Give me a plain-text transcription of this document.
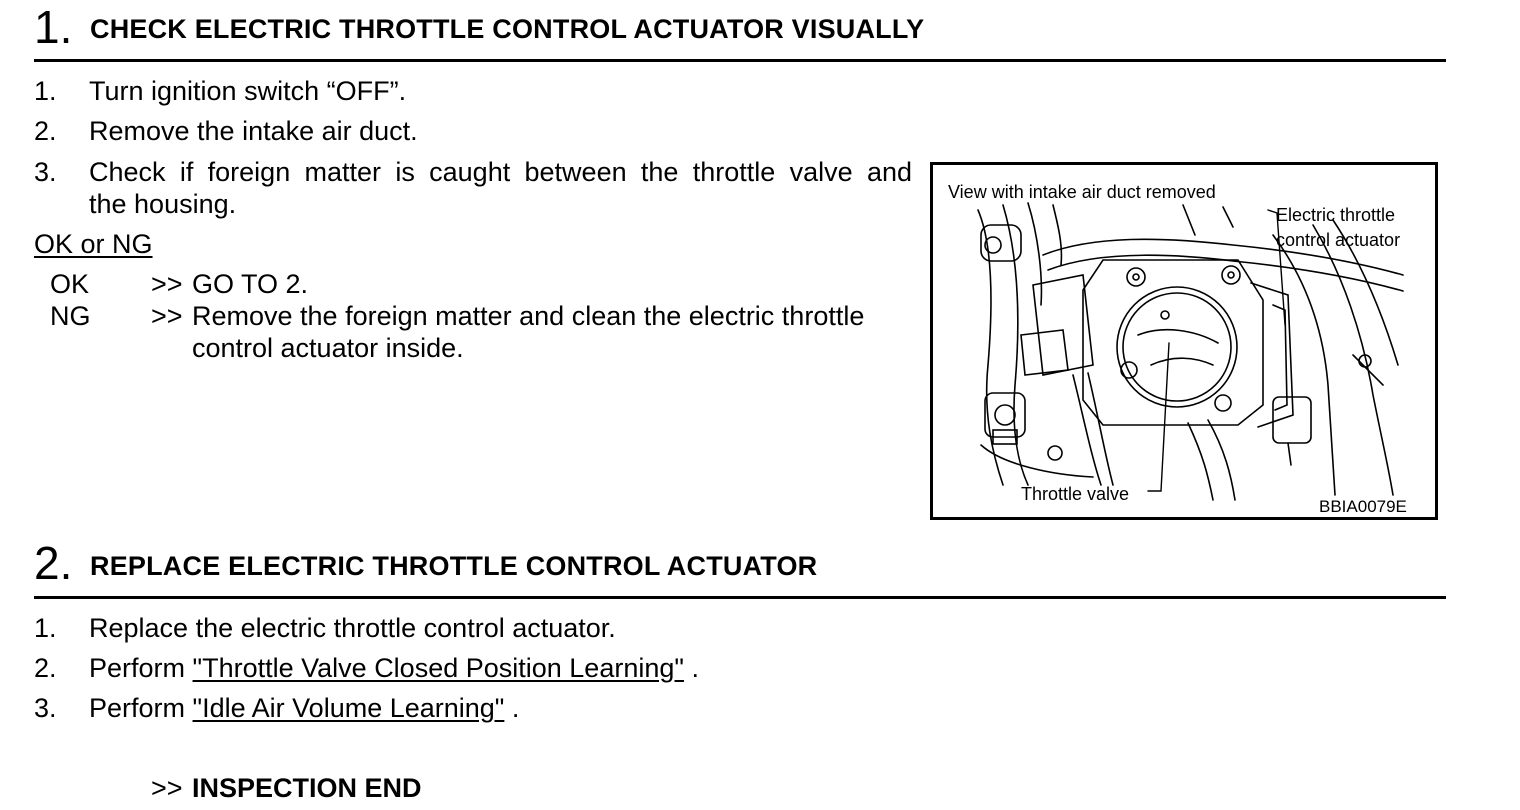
1. CHECK ELECTRIC THROTTLE CONTROL ACTUATOR VISUALLY
1. Turn ignition switch “OFF”.
2. Remove the intake air duct.
3. Check if foreign matter is caught between the throttle valve and
the housing.
OK or NG
OK >> GO TO 2.
NG >> Remove the foreign matter and clean the electric throttle
control actuator inside.
View with intake air duct removed
Electric throttle
control actuator
Throttle valve
BBIA0079E
2. REPLACE ELECTRIC THROTTLE CONTROL ACTUATOR
1. Replace the electric throttle control actuator.
2. Perform "Throttle Valve Closed Position Learning" .
3. Perform "Idle Air Volume Learning" .
>> INSPECTION END
